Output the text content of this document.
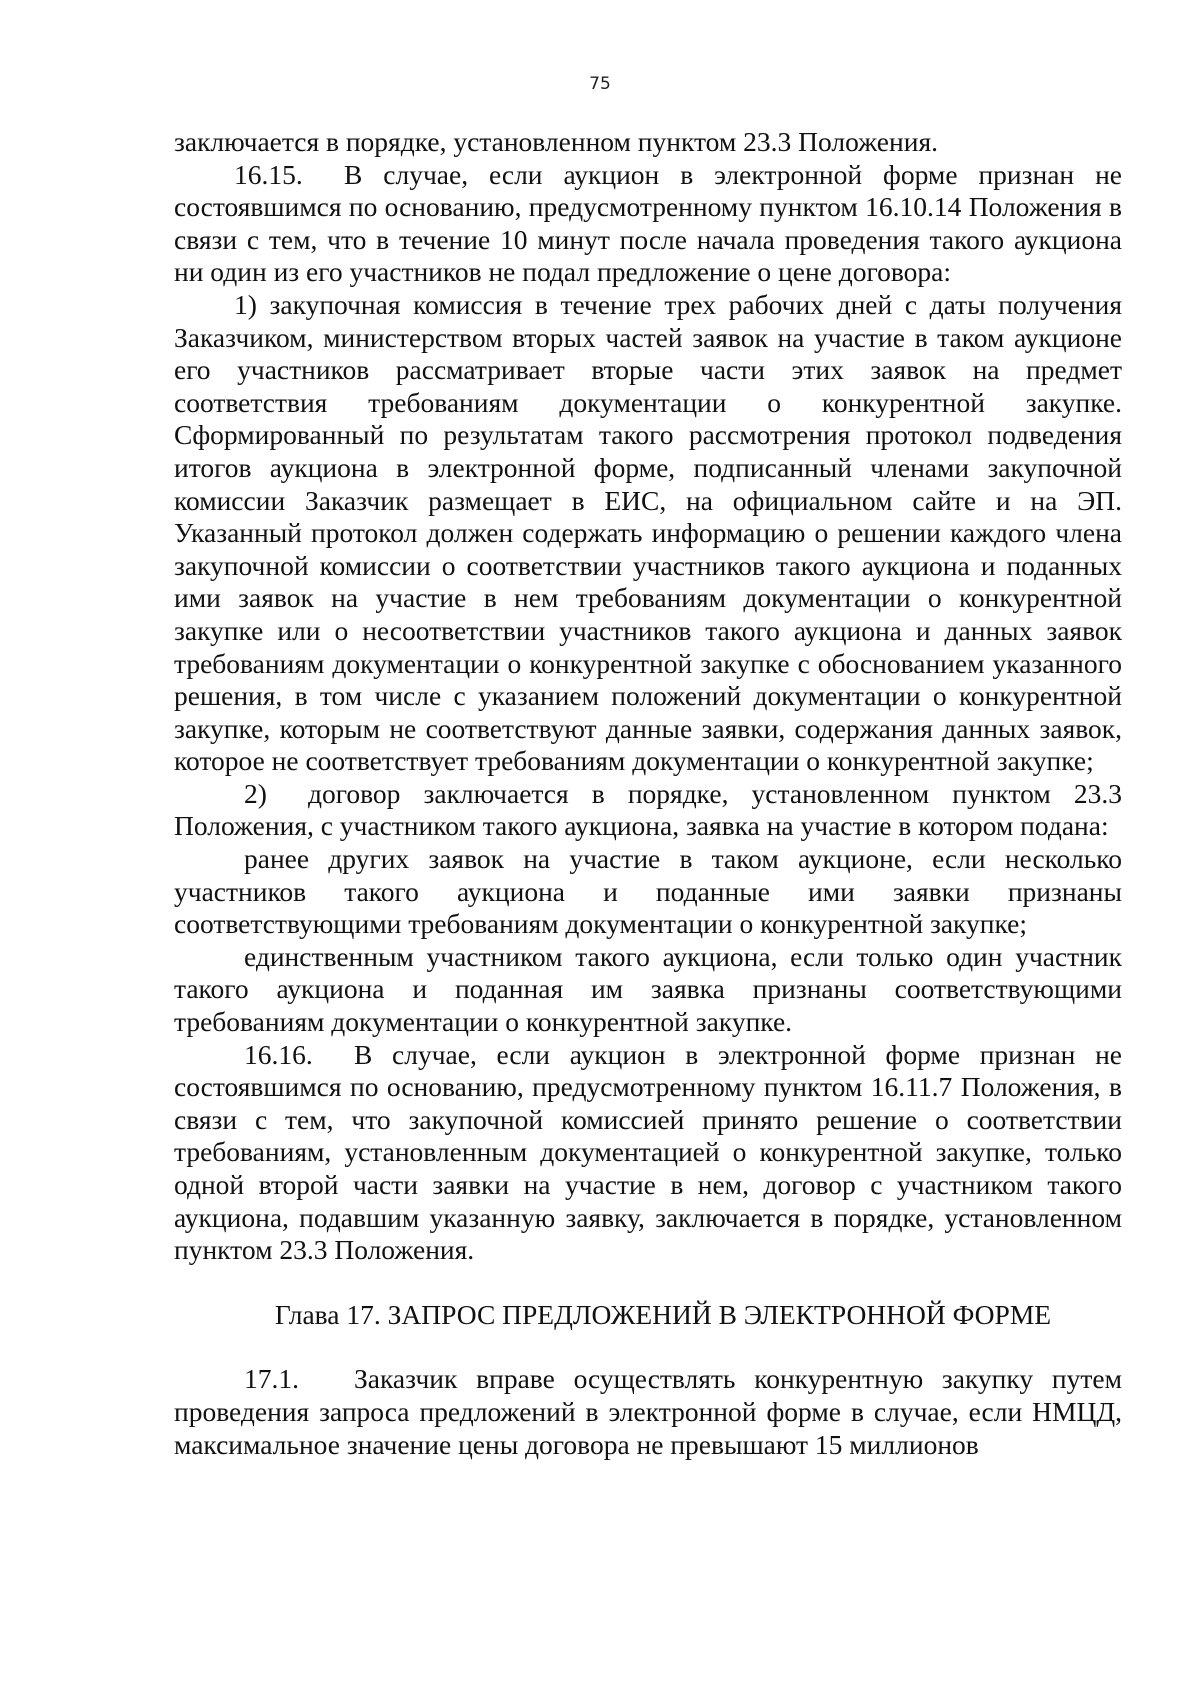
75

заключается в порядке, установленном пунктом 23.3 Положения.

16.15. В случае, если аукцион в электронной форме признан не состоявшимся по основанию, предусмотренному пунктом 16.10.14 Положения в связи с тем, что в течение 10 минут после начала проведения такого аукциона ни один из его участников не подал предложение о цене договора:

1) закупочная комиссия в течение трех рабочих дней с даты получения Заказчиком, министерством вторых частей заявок на участие в таком аукционе его участников рассматривает вторые части этих заявок на предмет соответствия требованиям документации о конкурентной закупке. Сформированный по результатам такого рассмотрения протокол подведения итогов аукциона в электронной форме, подписанный членами закупочной комиссии Заказчик размещает в ЕИС, на официальном сайте и на ЭП. Указанный протокол должен содержать информацию о решении каждого члена закупочной комиссии о соответствии участников такого аукциона и поданных ими заявок на участие в нем требованиям документации о конкурентной закупке или о несоответствии участников такого аукциона и данных заявок требованиям документации о конкурентной закупке с обоснованием указанного решения, в том числе с указанием положений документации о конкурентной закупке, которым не соответствуют данные заявки, содержания данных заявок, которое не соответствует требованиям документации о конкурентной закупке;

2) договор заключается в порядке, установленном пунктом 23.3 Положения, с участником такого аукциона, заявка на участие в котором подана:

ранее других заявок на участие в таком аукционе, если несколько участников такого аукциона и поданные ими заявки признаны соответствующими требованиям документации о конкурентной закупке;

единственным участником такого аукциона, если только один участник такого аукциона и поданная им заявка признаны соответствующими требованиям документации о конкурентной закупке.

16.16. В случае, если аукцион в электронной форме признан не состоявшимся по основанию, предусмотренному пунктом 16.11.7 Положения, в связи с тем, что закупочной комиссией принято решение о соответствии требованиям, установленным документацией о конкурентной закупке, только одной второй части заявки на участие в нем, договор с участником такого аукциона, подавшим указанную заявку, заключается в порядке, установленном пунктом 23.3 Положения.

Глава 17. ЗАПРОС ПРЕДЛОЖЕНИЙ В ЭЛЕКТРОННОЙ ФОРМЕ

17.1. Заказчик вправе осуществлять конкурентную закупку путем проведения запроса предложений в электронной форме в случае, если НМЦД, максимальное значение цены договора не превышают 15 миллионов
